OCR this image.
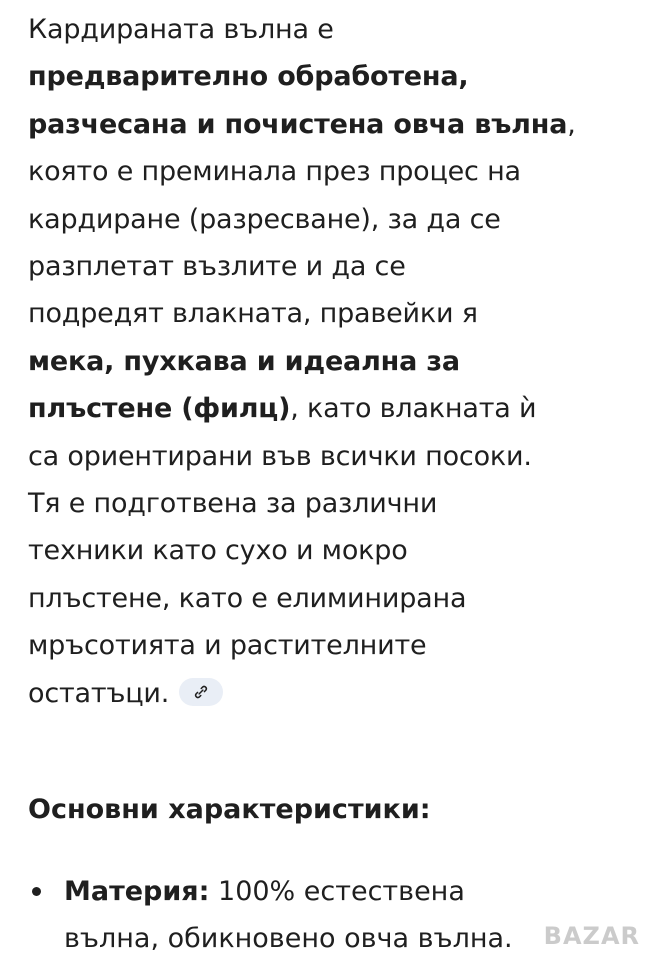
Кардиранaта вълна е
предварително обработена,
разчесана и почистена овча вълна,
която е преминала през процес на
кардиране (разресване), за да се
разплетат възлите и да се
подредят влакната, правейки я
мека, пухкава и идеална за
плъстене (филц), като влакната ѝ
са ориентирани във всички посоки.
Тя е подготвена за различни
техники като сухо и мокро
плъстене, като е елиминирана
мръсотията и растителните
остатъци.

Основни характеристики:
Материя: 100% естествена
вълна, обикновено овча вълна.	BAZAR
